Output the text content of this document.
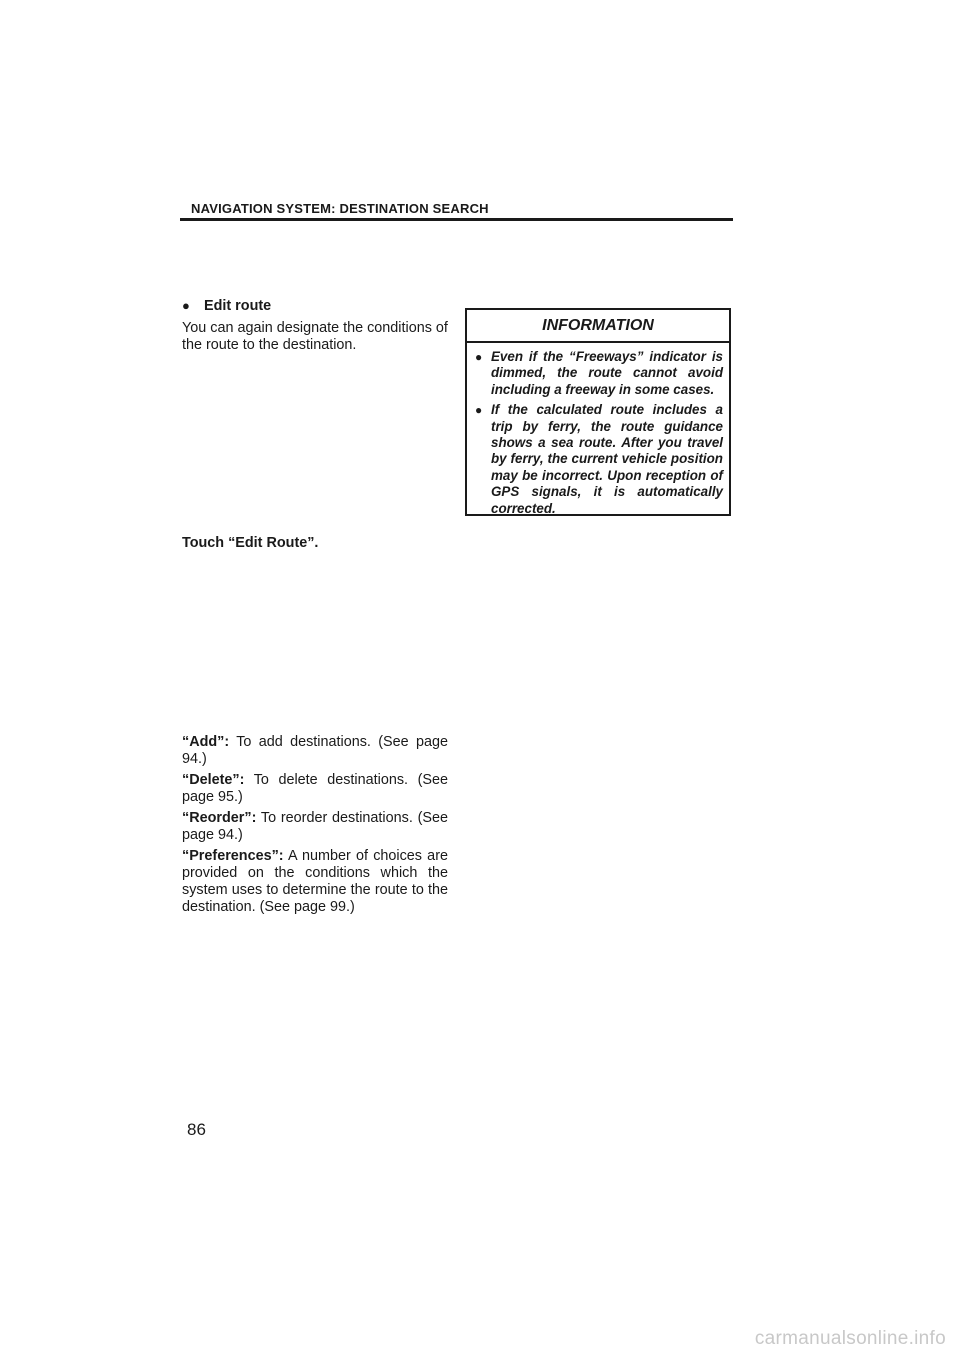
NAVIGATION SYSTEM: DESTINATION SEARCH
● Edit route
You can again designate the conditions of the route to the destination.
Touch “Edit Route”.

“Add”: To add destinations. (See page 94.)

“Delete”: To delete destinations. (See page 95.)

“Reorder”: To reorder destinations. (See page 94.)

“Preferences”: A number of choices are provided on the conditions which the system uses to determine the route to the destination. (See page 99.)

INFORMATION
● Even if the “Freeways” indicator is dimmed, the route cannot avoid including a freeway in some cases.
● If the calculated route includes a trip by ferry, the route guidance shows a sea route. After you travel by ferry, the current vehicle position may be incorrect. Upon reception of GPS signals, it is automatically corrected.
86
carmanualsonline.info
